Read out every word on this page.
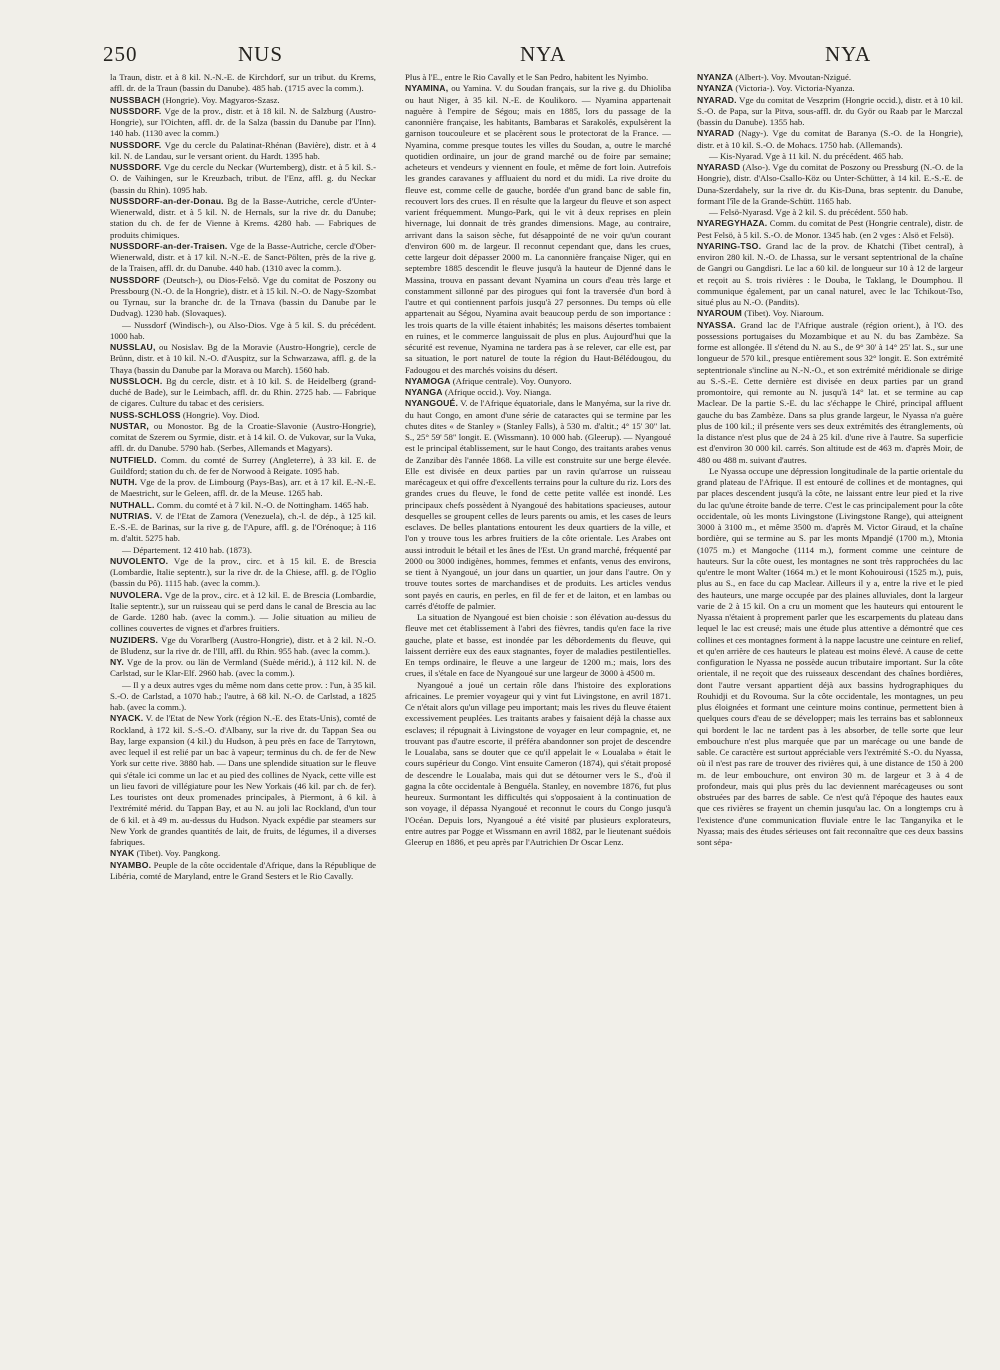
250	NUS	NYA	NYA

la Traun, distr. et à 8 kil. N.-N.-E. de Kirchdorf, sur un tribut. du Krems, affl. dr. de la Traun (bassin du Danube). 485 hab. (1715 avec la comm.).

NUSSBACH (Hongrie). Voy. Magyaros-Szasz.

NUSSDORF. Vge de la prov., distr. et à 18 kil. N. de Salzburg (Austro-Hongrie), sur l'Oichten, affl. dr. de la Salza (bassin du Danube par l'Inn). 140 hab. (1130 avec la comm.)

NUSSDORF. Vge du cercle du Palatinat-Rhénan (Bavière), distr. et à 4 kil. N. de Landau, sur le versant orient. du Hardt. 1395 hab.

NUSSDORF. Vge du cercle du Neckar (Wurtemberg), distr. et à 5 kil. S.-O. de Vaihingen, sur le Kreuzbach, tribut. de l'Enz, affl. g. du Neckar (bassin du Rhin). 1095 hab.

NUSSDORF-an-der-Donau. Bg de la Basse-Autriche, cercle d'Unter-Wienerwald, distr. et à 5 kil. N. de Hernals, sur la rive dr. du Danube; station du ch. de fer de Vienne à Krems. 4280 hab. — Fabriques de produits chimiques.

NUSSDORF-an-der-Traisen. Vge de la Basse-Autriche, cercle d'Ober-Wienerwald, distr. et à 17 kil. N.-N.-E. de Sanct-Pölten, près de la rive g. de la Traisen, affl. dr. du Danube. 440 hab. (1310 avec la comm.).

NUSSDORF (Deutsch-), ou Dios-Felsö. Vge du comitat de Poszony ou Pressbourg (N.-O. de la Hongrie), distr. et à 15 kil. N.-O. de Nagy-Szombat ou Tyrnau, sur la branche dr. de la Trnava (bassin du Danube par le Dudvag). 1230 hab. (Slovaques).

— Nussdorf (Windisch-), ou Also-Dios. Vge à 5 kil. S. du précédent. 1000 hab.

NUSSLAU, ou Nosislav. Bg de la Moravie (Austro-Hongrie), cercle de Brünn, distr. et à 10 kil. N.-O. d'Auspitz, sur la Schwarzawa, affl. g. de la Thaya (bassin du Danube par la Morava ou March). 1560 hab.

NUSSLOCH. Bg du cercle, distr. et à 10 kil. S. de Heidelberg (grand-duché de Bade), sur le Leimbach, affl. dr. du Rhin. 2725 hab. — Fabrique de cigares. Culture du tabac et des cerisiers.

NUSS-SCHLOSS (Hongrie). Voy. Diod.

NUSTAR, ou Monostor. Bg de la Croatie-Slavonie (Austro-Hongrie), comitat de Szerem ou Syrmie, distr. et à 14 kil. O. de Vukovar, sur la Vuka, affl. dr. du Danube. 5790 hab. (Serbes, Allemands et Magyars).

NUTFIELD. Comm. du comté de Surrey (Angleterre), à 33 kil. E. de Guildford; station du ch. de fer de Norwood à Reigate. 1095 hab.

NUTH. Vge de la prov. de Limbourg (Pays-Bas), arr. et à 17 kil. E.-N.-E. de Maestricht, sur le Geleen, affl. dr. de la Meuse. 1265 hab.

NUTHALL. Comm. du comté et à 7 kil. N.-O. de Nottingham. 1465 hab.

NUTRIAS. V. de l'Etat de Zamora (Venezuela), ch.-l. de dép., à 125 kil. E.-S.-E. de Barinas, sur la rive g. de l'Apure, affl. g. de l'Orénoque; à 116 m. d'altit. 5275 hab.

— Département. 12 410 hab. (1873).

NUVOLENTO. Vge de la prov., circ. et à 15 kil. E. de Brescia (Lombardie, Italie septentr.), sur la rive dr. de la Chiese, affl. g. de l'Oglio (bassin du Pô). 1115 hab. (avec la comm.).

NUVOLERA. Vge de la prov., circ. et à 12 kil. E. de Brescia (Lombardie, Italie septentr.), sur un ruisseau qui se perd dans le canal de Brescia au lac de Garde. 1280 hab. (avec la comm.). — Jolie situation au milieu de collines couvertes de vignes et d'arbres fruitiers.

NUZIDERS. Vge du Vorarlberg (Austro-Hongrie), distr. et à 2 kil. N.-O. de Bludenz, sur la rive dr. de l'Ill, affl. du Rhin. 955 hab. (avec la comm.).

NY. Vge de la prov. ou län de Vermland (Suède mérid.), à 112 kil. N. de Carlstad, sur le Klar-Elf. 2960 hab. (avec la comm.).

— Il y a deux autres vges du même nom dans cette prov. : l'un, à 35 kil. S.-O. de Carlstad, a 1070 hab.; l'autre, à 68 kil. N.-O. de Carlstad, a 1825 hab. (avec la comm.).

NYACK. V. de l'Etat de New York (région N.-E. des Etats-Unis), comté de Rockland, à 172 kil. S.-S.-O. d'Albany, sur la rive dr. du Tappan Sea ou Bay, large expansion (4 kil.) du Hudson, à peu près en face de Tarrytown, avec lequel il est relié par un bac à vapeur; terminus du ch. de fer de New York sur cette rive. 3880 hab. — Dans une splendide situation sur le fleuve qui s'étale ici comme un lac et au pied des collines de Nyack, cette ville est un lieu favori de villégiature pour les New Yorkais (46 kil. par ch. de fer). Les touristes ont deux promenades principales, à Piermont, à 6 kil. à l'extrémité mérid. du Tappan Bay, et au N. au joli lac Rockland, d'un tour de 6 kil. et à 49 m. au-dessus du Hudson. Nyack expédie par steamers sur New York de grandes quantités de lait, de fruits, de légumes, il a diverses fabriques.

NYAK (Tibet). Voy. Pangkong.

NYAMBO. Peuple de la côte occidentale d'Afrique, dans la République de Libéria, comté de Maryland, entre le Grand Sesters et le Rio Cavally.

Plus à l'E., entre le Rio Cavally et le San Pedro, habitent les Nyimbo.

NYAMINA, ou Yamina. V. du Soudan français, sur la rive g. du Dhioliba ou haut Niger, à 35 kil. N.-E. de Koulikoro. — Nyamina appartenait naguère à l'empire de Ségou; mais en 1885, lors du passage de la canonnière française, les habitants, Bambaras et Sarakolés, expulsèrent la garnison toucouleure et se placèrent sous le protectorat de la France. — Nyamina, comme presque toutes les villes du Soudan, a, outre le marché quotidien ordinaire, un jour de grand marché ou de foire par semaine; acheteurs et vendeurs y viennent en foule, et même de fort loin. Autrefois les grandes caravanes y affluaient du nord et du midi. La rive droite du fleuve est, comme celle de gauche, bordée d'un grand banc de sable fin, recouvert lors des crues. Il en résulte que la largeur du fleuve et son aspect varient fréquemment. Mungo-Park, qui le vit à deux reprises en plein hivernage, lui donnait de très grandes dimensions. Mage, au contraire, arrivant dans la saison sèche, fut désappointé de ne voir qu'un courant d'environ 600 m. de largeur. Il reconnut cependant que, dans les crues, cette largeur doit dépasser 2000 m. La canonnière française Niger, qui en septembre 1885 descendit le fleuve jusqu'à la hauteur de Djenné dans le Massina, trouva en passant devant Nyamina un cours d'eau très large et constamment sillonné par des pirogues qui font la traversée d'un bord à l'autre et qui contiennent parfois jusqu'à 27 personnes. Du temps où elle appartenait au Ségou, Nyamina avait beaucoup perdu de son importance : les trois quarts de la ville étaient inhabités; les maisons désertes tombaient en ruines, et le commerce languissait de plus en plus. Aujourd'hui que la sécurité est revenue, Nyamina ne tardera pas à se relever, car elle est, par sa situation, le port naturel de toute la région du Haut-Bélédougou, du Fadougou et des marchés voisins du désert.

NYAMOGA (Afrique centrale). Voy. Ounyoro.

NYANGA (Afrique occid.). Voy. Nianga.

NYANGOUÉ. V. de l'Afrique équatoriale, dans le Manyéma, sur la rive dr. du haut Congo, en amont d'une série de cataractes qui se termine par les chutes dites « de Stanley » (Stanley Falls), à 530 m. d'altit.; 4° 15' 30" lat. S., 25° 59' 58" longit. E. (Wissmann). 10 000 hab. (Gleerup). — Nyangoué est le principal établissement, sur le haut Congo, des traitants arabes venus de Zanzibar dès l'année 1868. La ville est construite sur une berge élevée. Elle est divisée en deux parties par un ravin qu'arrose un ruisseau marécageux et qui offre d'excellents terrains pour la culture du riz. Lors des grandes crues du fleuve, le fond de cette petite vallée est inondé. Les principaux chefs possèdent à Nyangoué des habitations spacieuses, autour desquelles se groupent celles de leurs parents ou amis, et les cases de leurs esclaves. De belles plantations entourent les deux quartiers de la ville, et l'on y trouve tous les arbres fruitiers de la côte orientale. Les Arabes ont aussi introduit le bétail et les ânes de l'Est. Un grand marché, fréquenté par 2000 ou 3000 indigènes, hommes, femmes et enfants, venus des environs, se tient à Nyangoué, un jour dans un quartier, un jour dans l'autre. On y trouve toutes sortes de marchandises et de produits. Les articles vendus sont payés en cauris, en perles, en fil de fer et de laiton, et en lambas ou carrés d'étoffe de palmier.

La situation de Nyangoué est bien choisie : son élévation au-dessus du fleuve met cet établissement à l'abri des fièvres, tandis qu'en face la rive gauche, plate et basse, est inondée par les débordements du fleuve, qui laissent derrière eux des eaux stagnantes, foyer de maladies pestilentielles. En temps ordinaire, le fleuve a une largeur de 1200 m.; mais, lors des crues, il s'étale en face de Nyangoué sur une largeur de 3000 à 4500 m.

Nyangoué a joué un certain rôle dans l'histoire des explorations africaines. Le premier voyageur qui y vint fut Livingstone, en avril 1871. Ce n'était alors qu'un village peu important; mais les rives du fleuve étaient excessivement peuplées. Les traitants arabes y faisaient déjà la chasse aux esclaves; il répugnait à Livingstone de voyager en leur compagnie, et, ne trouvant pas d'autre escorte, il préféra abandonner son projet de descendre le Loualaba, sans se douter que ce qu'il appelait le « Loualaba » était le cours supérieur du Congo. Vint ensuite Cameron (1874), qui s'était proposé de descendre le Loualaba, mais qui dut se détourner vers le S., d'où il gagna la côte occidentale à Benguéla. Stanley, en novembre 1876, fut plus heureux. Surmontant les difficultés qui s'opposaient à la continuation de son voyage, il dépassa Nyangoué et reconnut le cours du Congo jusqu'à l'Océan. Depuis lors, Nyangoué a été visité par plusieurs explorateurs, entre autres par Pogge et Wissmann en avril 1882, par le lieutenant suédois Gleerup en 1886, et peu après par l'Autrichien Dr Oscar Lenz.

NYANZA (Albert-). Voy. Mvoutan-Nzigué.

NYANZA (Victoria-). Voy. Victoria-Nyanza.

NYARAD. Vge du comitat de Veszprim (Hongrie occid.), distr. et à 10 kil. S.-O. de Papa, sur la Pitva, sous-affl. dr. du Györ ou Raab par le Marczal (bassin du Danube). 1355 hab.

NYARAD (Nagy-). Vge du comitat de Baranya (S.-O. de la Hongrie), distr. et à 10 kil. S.-O. de Mohacs. 1750 hab. (Allemands).

— Kis-Nyarad. Vge à 11 kil. N. du précédent. 465 hab.

NYARASD (Also-). Vge du comitat de Poszony ou Pressburg (N.-O. de la Hongrie), distr. d'Also-Csallo-Köz ou Unter-Schütter, à 14 kil. E.-S.-E. de Duna-Szerdahely, sur la rive dr. du Kis-Duna, bras septentr. du Danube, formant l'île de la Grande-Schütt. 1165 hab.

— Felsö-Nyarasd. Vge à 2 kil. S. du précédent. 550 hab.

NYAREGYHAZA. Comm. du comitat de Pest (Hongrie centrale), distr. de Pest Felsö, à 5 kil. S.-O. de Monor. 1345 hab. (en 2 vges : Alsö et Felsö).

NYARING-TSO. Grand lac de la prov. de Khatchi (Tibet central), à environ 280 kil. N.-O. de Lhassa, sur le versant septentrional de la chaîne de Gangri ou Gangdisri. Le lac a 60 kil. de longueur sur 10 à 12 de largeur et reçoit au S. trois rivières : le Douba, le Taklang, le Doumphou. Il communique également, par un canal naturel, avec le lac Tchikout-Tso, situé plus au N.-O. (Pandits).

NYAROUM (Tibet). Voy. Niaroum.

NYASSA. Grand lac de l'Afrique australe (région orient.), à l'O. des possessions portugaises du Mozambique et au N. du bas Zambèze. Sa forme est allongée. Il s'étend du N. au S., de 9° 30' à 14° 25' lat. S., sur une longueur de 570 kil., presque entièrement sous 32° longit. E. Son extrémité septentrionale s'incline au N.-N.-O., et son extrémité méridionale se dirige au S.-S.-E. Cette dernière est divisée en deux parties par un grand promontoire, qui remonte au N. jusqu'à 14° lat. et se termine au cap Maclear. De la partie S.-E. du lac s'échappe le Chiré, principal affluent gauche du bas Zambèze. Dans sa plus grande largeur, le Nyassa n'a guère plus de 100 kil.; il présente vers ses deux extrémités des étranglements, où la distance n'est plus que de 24 à 25 kil. d'une rive à l'autre. Sa superficie est d'environ 30 000 kil. carrés. Son altitude est de 463 m. d'après Moir, de 480 ou 488 m. suivant d'autres.

Le Nyassa occupe une dépression longitudinale de la partie orientale du grand plateau de l'Afrique. Il est entouré de collines et de montagnes, qui par places descendent jusqu'à la côte, ne laissant entre leur pied et la rive du lac qu'une étroite bande de terre. C'est le cas principalement pour la côte occidentale, où les monts Livingstone (Livingstone Range), qui atteignent 3000 à 3100 m., et même 3500 m. d'après M. Victor Giraud, et la chaîne bordière, qui se termine au S. par les monts Mpandjé (1700 m.), Mtonia (1075 m.) et Mangoche (1114 m.), forment comme une ceinture de hauteurs. Sur la côte ouest, les montagnes ne sont très rapprochées du lac qu'entre le mont Walter (1664 m.) et le mont Kohouirousi (1525 m.), puis, plus au S., en face du cap Maclear. Ailleurs il y a, entre la rive et le pied des hauteurs, une marge occupée par des plaines alluviales, dont la largeur varie de 2 à 15 kil. On a cru un moment que les hauteurs qui entourent le Nyassa n'étaient à proprement parler que les escarpements du plateau dans lequel le lac est creusé; mais une étude plus attentive a démontré que ces collines et ces montagnes forment à la nappe lacustre une ceinture en relief, et qu'en arrière de ces hauteurs le plateau est moins élevé. A cause de cette configuration le Nyassa ne possède aucun tributaire important. Sur la côte orientale, il ne reçoit que des ruisseaux descendant des chaînes bordières, dont l'autre versant appartient déjà aux bassins hydrographiques du Rouhidji et du Rovouma. Sur la côte occidentale, les montagnes, un peu plus éloignées et formant une ceinture moins continue, permettent bien à quelques cours d'eau de se développer; mais les terrains bas et sablonneux qui bordent le lac ne tardent pas à les absorber, de telle sorte que leur embouchure n'est plus marquée que par un marécage ou une bande de sable. Ce caractère est surtout appréciable vers l'extrémité S.-O. du Nyassa, où il n'est pas rare de trouver des rivières qui, à une distance de 150 à 200 m. de leur embouchure, ont environ 30 m. de largeur et 3 à 4 de profondeur, mais qui plus près du lac deviennent marécageuses ou sont obstruées par des barres de sable. Ce n'est qu'à l'époque des hautes eaux que ces rivières se frayent un chemin jusqu'au lac. On a longtemps cru à l'existence d'une communication fluviale entre le lac Tanganyika et le Nyassa; mais des études sérieuses ont fait reconnaître que ces deux bassins sont sépa-
